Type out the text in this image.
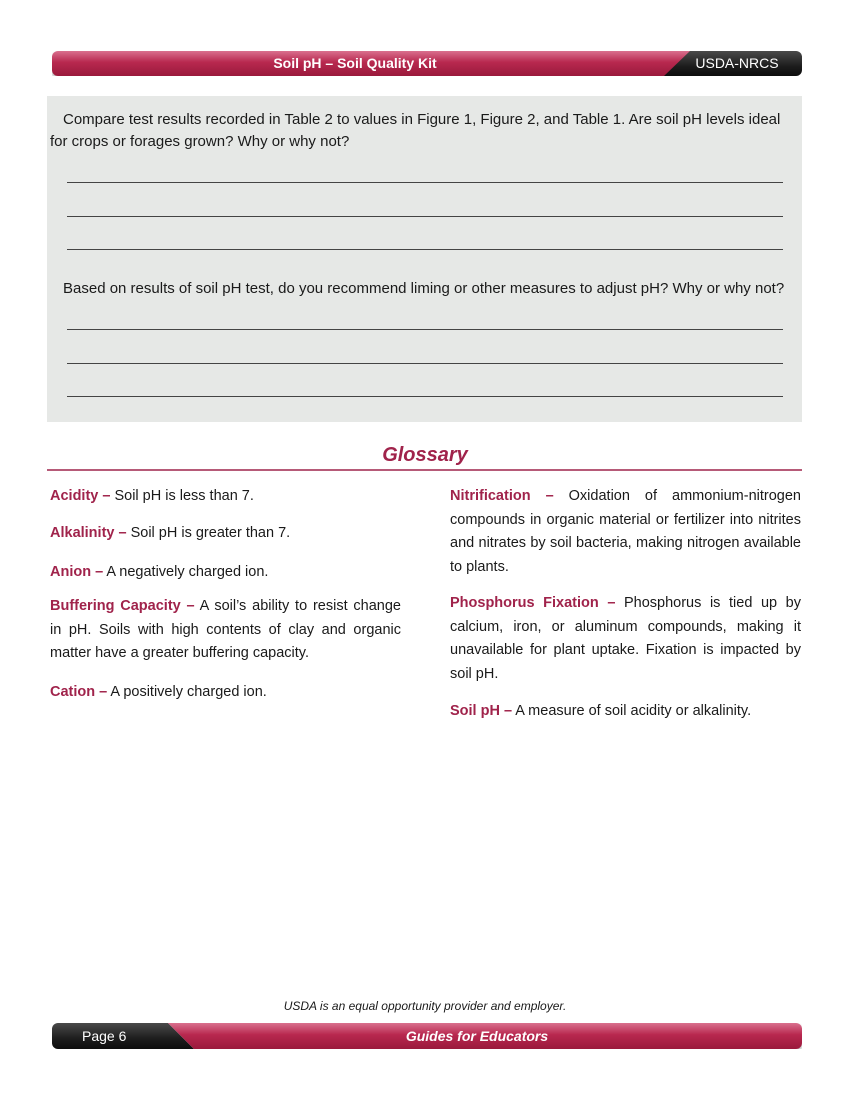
Soil pH – Soil Quality Kit	USDA-NRCS

Compare test results recorded in Table 2 to values in Figure 1, Figure 2, and Table 1. Are soil pH levels ideal for crops or forages grown? Why or why not?

Based on results of soil pH test, do you recommend liming or other measures to adjust pH? Why or why not?

Glossary

Acidity – Soil pH is less than 7.

Alkalinity – Soil pH is greater than 7.

Anion – A negatively charged ion.

Buffering Capacity – A soil’s ability to resist change in pH. Soils with high contents of clay and organic matter have a greater buffering capacity.

Cation – A positively charged ion.

Nitrification – Oxidation of ammonium-nitrogen compounds in organic material or fertilizer into nitrites and nitrates by soil bacteria, making nitrogen available to plants.

Phosphorus Fixation – Phosphorus is tied up by calcium, iron, or aluminum compounds, making it unavailable for plant uptake. Fixation is impacted by soil pH.

Soil pH – A measure of soil acidity or alkalinity.

USDA is an equal opportunity provider and employer.
Page 6	Guides for Educators
